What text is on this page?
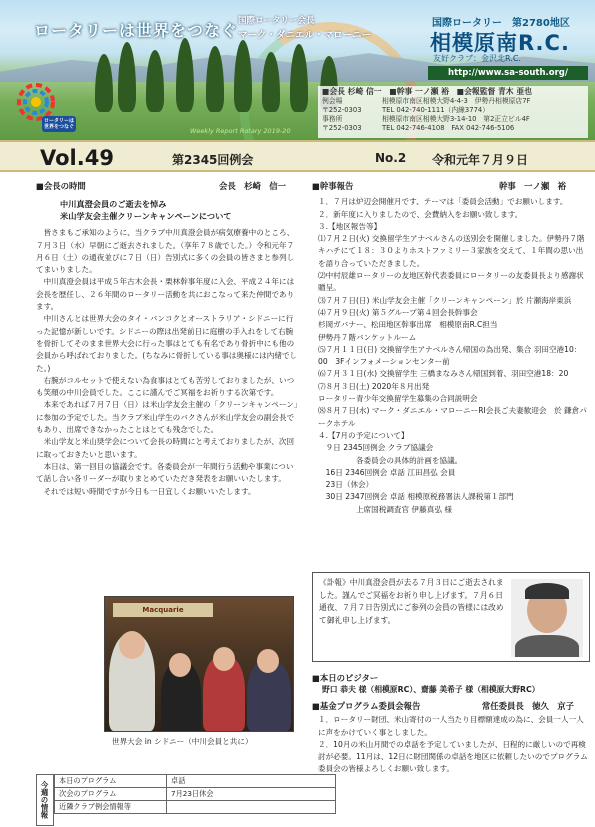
ロータリーは世界をつなぐ 国際ロータリー会長
マーク・ダニエル・マローニー
国際ロータリー　第2780地区
相模原南R.C.
友好クラブ：金沢北R.C.
http://www.sa-south.org/
ロータリーは世界をつなぐ	Weekly Report Rotary 2019-20
■会長 杉崎 信一　■幹事 一ノ瀬 裕　■会報監督 青木 亜也
例会場	相模原市南区相模大野4-4-3　伊勢丹相模原店7F
〒252-0303	TEL 042-740-1111（内線3774）
事務所	相模原市南区相模大野3-14-10　第2正立ビル4F
〒252-0303	TEL 042-746-4108　FAX 042-746-5106
Vol.49	第2345回例会	No.2 令和元年７月９日
■会長の時間	会長　杉崎　信一
中川真澄会員のご逝去を悼み
米山学友会主催クリーンキャンペーンについて

皆さまもご承知のように、当クラブ中川真澄会員が病気療養中のところ、７月３日（水）早朝にご逝去されました。（享年７８歳でした。）令和元年７月６日（土）の通夜並びに７日（日）告別式に多くの会員の皆さまと参列してまいりました。

中川真澄会員は平成５年古木会長・栗林幹事年度に入会、平成２４年には会長を歴任し、２６年間のロータリー活動を共におこなって来た仲間であります。

中川さんとは世界大会のタイ・バンコクとオーストラリア・シドニーに行った記憶が新しいです。シドニーの際は出発前日に庭樹の手入れをして右腕を骨折してそのまま世界大会に行った事はとても有名であり骨折中にも他の会員から呼ばれておりました。(ちなみに骨折している事は奥様には内緒でした。)

右腕がコルセットで使えない為食事はとても苦労しておりましたが、いつも笑顔の中川会員でした。ここに謹んでご冥福をお祈りする次第です。

本来であれば７月７日（日）は米山学友会主催の「クリーンキャンペーン」に参加の予定でした。当クラブ米山学生のバクさんが米山学友会の副会長でもあり、出席できなかったことはとても残念でした。

米山学友と米山奨学会について会長の時間にと考えておりましたが、次回に取っておきたいと思います。

本日は、第一回目の協議会です。各委員会が一年間行う活動や事業について話し合い各リーダーが取りまとめていただき発表をお願いいたします。

それでは短い時間ですが今日も一日宜しくお願いいたします。

Macquarie
世界大会 in シドニー（中川会員と共に）
■幹事報告	幹事　一ノ瀬　裕
１．７月は炉辺会開催月です、テーマは「委員会活動」でお願いします。
２．新年度に入りましたので、会費納入をお願い致します。
３.【地区報告等】
⑴７月２日(火) 交換留学生アナベルさんの送別会を開催しました。伊勢丹７階キハチにて１８：３０よりホストファミリー３家族を交えて、１年間の思い出を語り合っていただきました。
⑵中村辰雄ロータリーの友地区幹代表委員にロータリーの友委員長より感謝状贈呈。
⑶７月７日(日) 米山学友会主催「クリーンキャンペーン」於 片瀬海岸東浜
⑷７月９日(火) 第５グループ第４回会長幹事会
杉岡ガバナー、松田地区幹事出席　相模原南R.C担当
伊勢丹７階バンケットルーム
⑸７月１１日(日) 交換留学生アナベルさん帰国の為出発、集合 羽田空港10：00　3Fインフォメーションセンター前
⑹７月３１日(水) 交換留学生 三橋まなみさん帰国到着、羽田空港18：20
⑺８月３日(土) 2020年８月出発
ロータリー青少年交換留学生募集の合同説明会
⑻８月７日(水) マーク・ダニエル・マローニーRI会長ご夫妻歓迎会　於 鎌倉パークホテル
４.【7月の予定について】
　９日 2345回例会 クラブ協議会
　　　　　各委員会の具体的計画を協議。
　16日 2346回例会 卓話 江田昌弘 会員
　23日（休会）
　30日 2347回例会 卓話 相模原税務署法人課税第１部門
　　　　　上席国税調査官 伊藤真弘 様
《訃報》中川真澄会員が去る７月３日にご逝去されました。謹んでご冥福をお祈り申し上げます。７月６日通夜、７月７日告別式にご参列の会員の皆様には改めて御礼申し上げます。
■本日のビジター
野口 恭夫 様（相模原RC）、齋藤 美希子 様（相模原大野RC）
■基金プログラム委員会報告	常任委員長　徳久　京子
１．ロータリー財団、米山寄付の一人当たり目標額達成の為に、会員一人一人に声をかけていく事としました。
２．10月の米山月間での卓話を予定していましたが、日程的に厳しいので再検討が必要。11月は、12日に財団関係の卓話を地区に依頼したいのでプログラム委員会の皆様よろしくお願い致します。
今週の情報
本日のプログラム	卓話
次会のプログラム	7月23日休会
近隣クラブ例会情報等	
